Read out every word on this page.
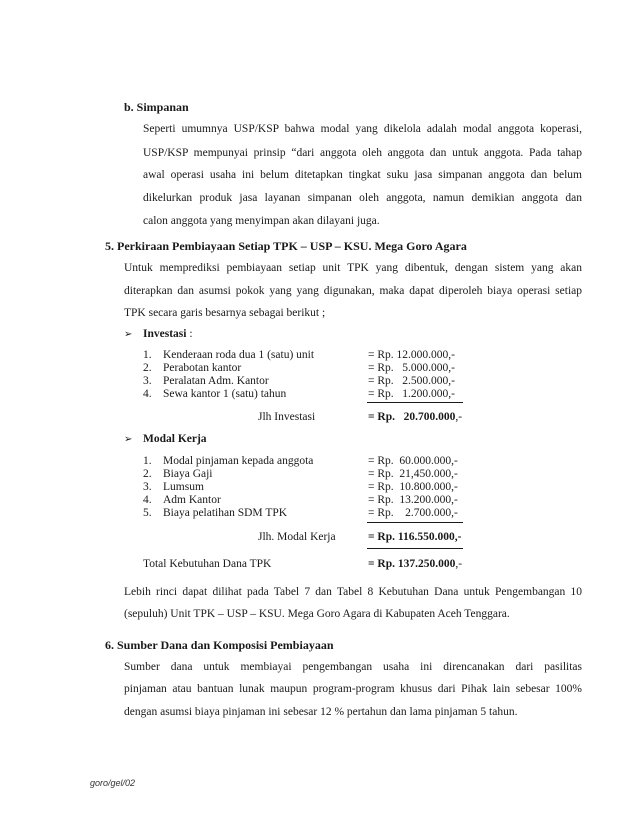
b. Simpanan
Seperti umumnya USP/KSP bahwa modal yang dikelola adalah modal anggota koperasi,
USP/KSP mempunyai prinsip “dari anggota oleh anggota dan untuk anggota. Pada tahap
awal operasi usaha ini belum ditetapkan tingkat suku jasa simpanan anggota dan belum
dikelurkan produk jasa layanan simpanan oleh anggota, namun demikian anggota dan
calon anggota yang menyimpan akan dilayani juga.
5. Perkiraan Pembiayaan Setiap TPK – USP – KSU. Mega Goro Agara
Untuk memprediksi pembiayaan setiap unit TPK yang dibentuk, dengan sistem yang akan
diterapkan dan asumsi pokok yang yang digunakan, maka dapat diperoleh biaya operasi setiap
TPK secara garis besarnya sebagai berikut ;
➢ Investasi :
1. Kenderaan roda dua 1 (satu) unit	= Rp. 12.000.000,-
2. Perabotan kantor	= Rp.   5.000.000,-
3. Peralatan Adm. Kantor	= Rp.   2.500.000,-
4. Sewa kantor 1 (satu) tahun	= Rp.   1.200.000,-
Jlh Investasi	= Rp. 20.700.000,-
➢ Modal Kerja
1. Modal pinjaman kepada anggota	= Rp.  60.000.000,-
2. Biaya Gaji	= Rp.  21,450.000,-
3. Lumsum	= Rp.  10.800.000,-
4. Adm Kantor	= Rp.  13.200.000,-
5. Biaya pelatihan SDM TPK	= Rp.    2.700.000,-
Jlh. Modal Kerja	= Rp. 116.550.000,-
Total Kebutuhan Dana TPK	= Rp. 137.250.000,-
Lebih rinci dapat dilihat pada Tabel 7 dan Tabel 8 Kebutuhan Dana untuk Pengembangan 10
(sepuluh) Unit TPK – USP – KSU. Mega Goro Agara di Kabupaten Aceh Tenggara.
6. Sumber Dana dan Komposisi Pembiayaan
Sumber dana untuk membiayai pengembangan usaha ini direncanakan dari pasilitas
pinjaman atau bantuan lunak maupun program-program khusus dari Pihak lain sebesar 100%
dengan asumsi biaya pinjaman ini sebesar 12 % pertahun dan lama pinjaman 5 tahun.
goro/gel/02
